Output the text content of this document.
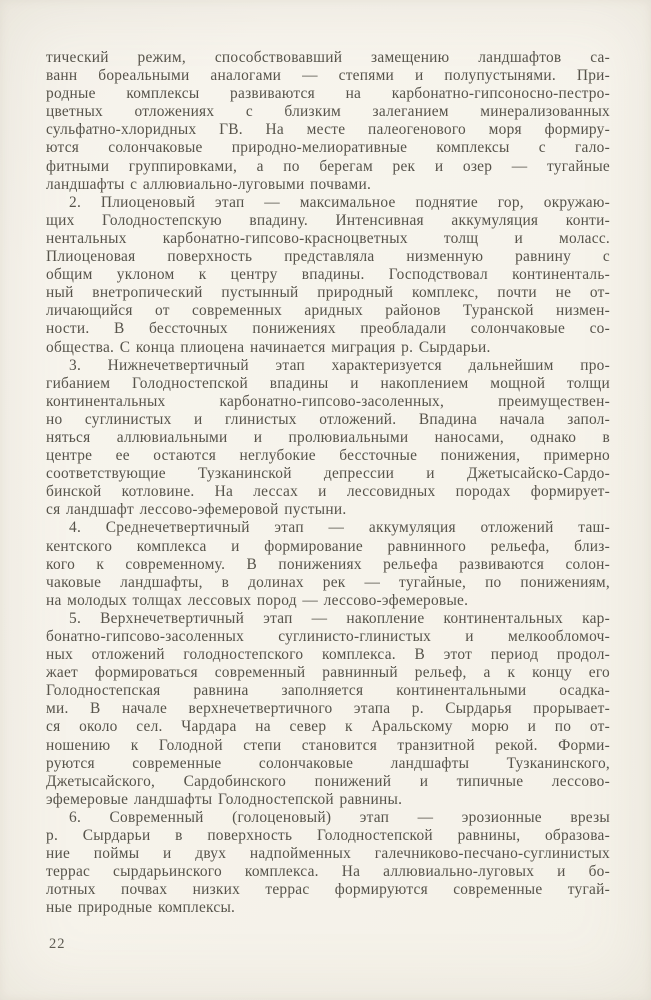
тический режим, способствовавший замещению ландшафтов са-
ванн бореальными аналогами — степями и полупустынями. При-
родные комплексы развиваются на карбонатно-гипсоносно-пестро-
цветных отложениях с близким залеганием минерализованных
сульфатно-хлоридных ГВ. На месте палеогенового моря формиру-
ются солончаковые природно-мелиоративные комплексы с гало-
фитными группировками, а по берегам рек и озер — тугайные
ландшафты с аллювиально-луговыми почвами.
2. Плиоценовый этап — максимальное поднятие гор, окружаю-
щих Голодностепскую впадину. Интенсивная аккумуляция конти-
нентальных карбонатно-гипсово-красноцветных толщ и моласс.
Плиоценовая поверхность представляла низменную равнину с
общим уклоном к центру впадины. Господствовал континенталь-
ный внетропический пустынный природный комплекс, почти не от-
личающийся от современных аридных районов Туранской низмен-
ности. В бессточных понижениях преобладали солончаковые со-
общества. С конца плиоцена начинается миграция р. Сырдарьи.
3. Нижнечетвертичный этап характеризуется дальнейшим про-
гибанием Голодностепской впадины и накоплением мощной толщи
континентальных карбонатно-гипсово-засоленных, преимуществен-
но суглинистых и глинистых отложений. Впадина начала запол-
няться аллювиальными и пролювиальными наносами, однако в
центре ее остаются неглубокие бессточные понижения, примерно
соответствующие Тузканинской депрессии и Джетысайско-Сардо-
бинской котловине. На лессах и лессовидных породах формирует-
ся ландшафт лессово-эфемеровой пустыни.
4. Среднечетвертичный этап — аккумуляция отложений таш-
кентского комплекса и формирование равнинного рельефа, близ-
кого к современному. В понижениях рельефа развиваются солон-
чаковые ландшафты, в долинах рек — тугайные, по понижениям,
на молодых толщах лессовых пород — лессово-эфемеровые.
5. Верхнечетвертичный этап — накопление континентальных кар-
бонатно-гипсово-засоленных суглинисто-глинистых и мелкообломоч-
ных отложений голодностепского комплекса. В этот период продол-
жает формироваться современный равнинный рельеф, а к концу его
Голодностепская равнина заполняется континентальными осадка-
ми. В начале верхнечетвертичного этапа р. Сырдарья прорывает-
ся около сел. Чардара на север к Аральскому морю и по от-
ношению к Голодной степи становится транзитной рекой. Форми-
руются современные солончаковые ландшафты Тузканинского,
Джетысайского, Сардобинского понижений и типичные лессово-
эфемеровые ландшафты Голодностепской равнины.
6. Современный (голоценовый) этап — эрозионные врезы
р. Сырдарьи в поверхность Голодностепской равнины, образова-
ние поймы и двух надпойменных галечниково-песчано-суглинистых
террас сырдарьинского комплекса. На аллювиально-луговых и бо-
лотных почвах низких террас формируются современные тугай-
ные природные комплексы.
22
